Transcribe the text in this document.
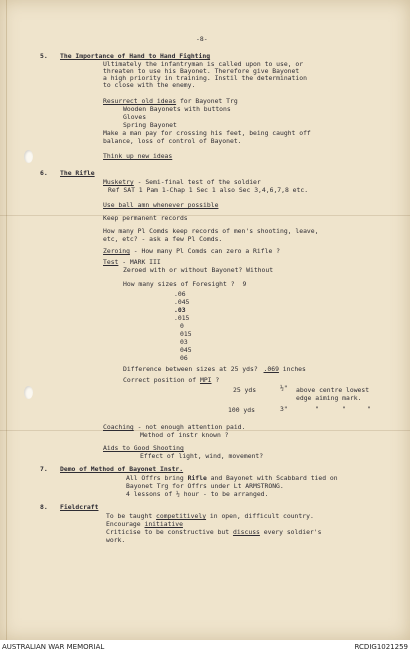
-8-
5. The Importance of Hand to Hand Fighting
Ultimately the infantryman is called upon to use, or
threaten to use his Bayonet. Therefore give Bayonet
a high priority in training. Instil the determination
to close with the enemy.
Resurrect old ideas for Bayonet Trg
Wooden Bayonets with buttons
Gloves
Spring Bayonet
Make a man pay for crossing his feet, being caught off
balance, loss of control of Bayonet.
Think up new ideas
6. The Rifle
Musketry - Semi-final test of the soldier
Ref SAT 1 Pam 1-Chap 1 Sec 1 also Sec 3,4,6,7,8 etc.
Use ball amn whenever possible
Keep permanent records
How many Pl Comds keep records of men's shooting, leave,
etc, etc? - ask a few Pl Comds.
Zeroing - How many Pl Comds can zero a Rifle ?
Test - MARK III
Zeroed with or without Bayonet? Without
How many sizes of Foresight ? 9
.06
.045
.03
.015
0
015
03
045
06
Difference between sizes at 25 yds? .069 inches
Correct position of MPI ?
25 yds	½" above centre lowest
edge aiming mark.
100 yds	3"	"	"	"
Coaching - not enough attention paid.
Method of instr known ?
Aids to Good Shooting
Effect of light, wind, movement?
7. Demo of Method of Bayonet Instr.
All Offrs bring Rifle and Bayonet with Scabbard tied on
Bayonet Trg for Offrs under Lt ARMSTRONG.
4 lessons of ½ hour - to be arranged.
8. Fieldcraft
To be taught competitively in open, difficult country.
Encourage initiative
Criticise to be constructive but discuss every soldier's
work.
AUSTRALIAN WAR MEMORIAL	RCDIG1021259
